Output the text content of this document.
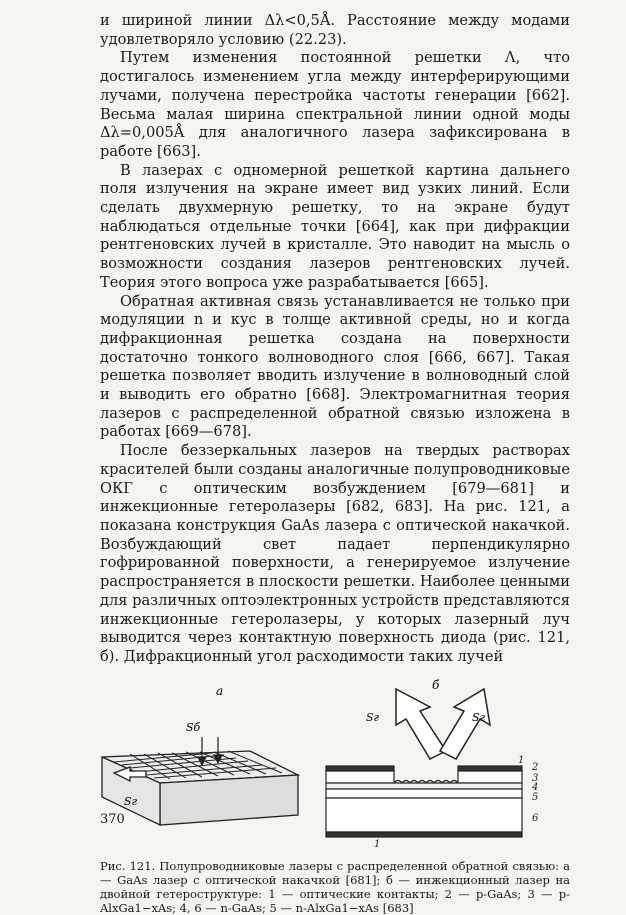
и шириной линии Δλ<0,5Å. Расстояние между модами удовлетворяло условию (22.23).

Путем изменения постоянной решетки Λ, что достигалось изменением угла между интерферирующими лучами, получена перестройка частоты генерации [662]. Весьма малая ширина спектральной линии одной моды Δλ=0,005Å для аналогичного лазера зафиксирована в работе [663].

В лазерах с одномерной решеткой картина дальнего поля излучения на экране имеет вид узких линий. Если сделать двухмерную решетку, то на экране будут наблюдаться отдельные точки [664], как при дифракции рентгеновских лучей в кристалле. Это наводит на мысль о возможности создания лазеров рентгеновских лучей. Теория этого вопроса уже разрабатывается [665].

Обратная активная связь устанавливается не только при модуляции n и κус в толще активной среды, но и когда дифракционная решетка создана на поверхности достаточно тонкого волноводного слоя [666, 667]. Такая решетка позволяет вводить излучение в волноводный слой и выводить его обратно [668]. Электромагнитная теория лазеров с распределенной обратной связью изложена в работах [669—678].

После беззеркальных лазеров на твердых растворах красителей были созданы аналогичные полупроводниковые ОКГ с оптическим возбуждением [679—681] и инжекционные гетеролазеры [682, 683]. На рис. 121, а показана конструкция GaAs лазера с оптической накачкой. Возбуждающий свет падает перпендикулярно гофрированной поверхности, а генерируемое излучение распространяется в плоскости решетки. Наиболее ценными для различных оптоэлектронных устройств представляются инжекционные гетеролазеры, у которых лазерный луч выводится через контактную поверхность диода (рис. 121, б). Дифракционный угол расходимости таких лучей

а
Sб
Sг
б
Sг	Sг
1
2
3
4
5
6
1
Рис. 121. Полупроводниковые лазеры с распределенной обратной связью: а — GaAs лазер с оптической накачкой [681]; б — инжекционный лазер на двойной гетероструктуре: 1 — оптические контакты; 2 — p-GaAs; 3 — p-AlxGa1−xAs; 4, 6 — n-GaAs; 5 — n-AlxGa1−xAs [683]
370
